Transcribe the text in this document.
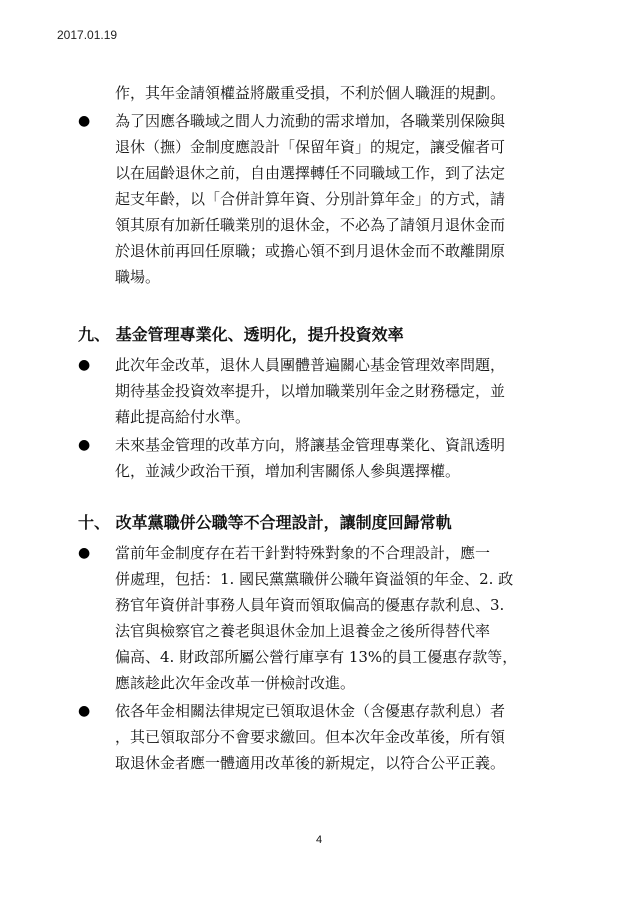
2017.01.19
作，其年金請領權益將嚴重受損，不利於個人職涯的規劃。
● 為了因應各職域之間人力流動的需求增加，各職業別保險與
退休（撫）金制度應設計「保留年資」的規定，讓受僱者可
以在屆齡退休之前，自由選擇轉任不同職域工作，到了法定
起支年齡，以「合併計算年資、分別計算年金」的方式，請
領其原有加新任職業別的退休金，不必為了請領月退休金而
於退休前再回任原職；或擔心領不到月退休金而不敢離開原
職場。
九、 基金管理專業化、透明化，提升投資效率
● 此次年金改革，退休人員團體普遍關心基金管理效率問題，
期待基金投資效率提升，以增加職業別年金之財務穩定，並
藉此提高給付水準。
● 未來基金管理的改革方向，將讓基金管理專業化、資訊透明
化，並減少政治干預，增加利害關係人參與選擇權。
十、 改革黨職併公職等不合理設計，讓制度回歸常軌
● 當前年金制度存在若干針對特殊對象的不合理設計，應一
併處理，包括：1. 國民黨黨職併公職年資溢領的年金、2. 政
務官年資併計事務人員年資而領取偏高的優惠存款利息、3.
法官與檢察官之養老與退休金加上退養金之後所得替代率
偏高、4. 財政部所屬公營行庫享有 13%的員工優惠存款等，
應該趁此次年金改革一併檢討改進。
● 依各年金相關法律規定已領取退休金（含優惠存款利息）者
，其已領取部分不會要求繳回。但本次年金改革後，所有領
取退休金者應一體適用改革後的新規定，以符合公平正義。
4
